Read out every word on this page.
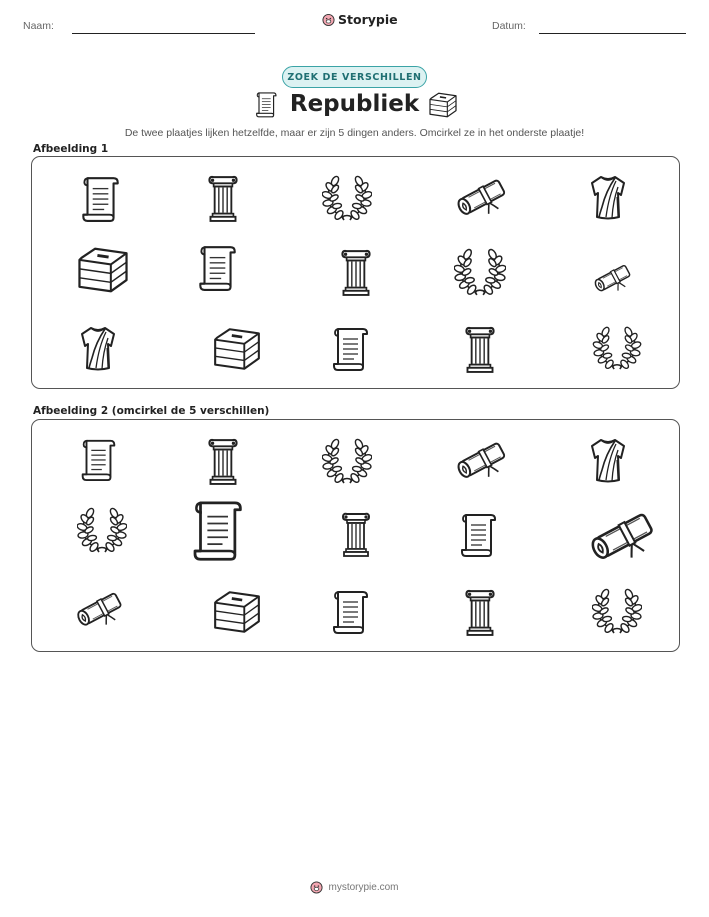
Naam:	Storypie	Datum:
ZOEK DE VERSCHILLEN
Republiek
De twee plaatjes lijken hetzelfde, maar er zijn 5 dingen anders. Omcirkel ze in het onderste plaatje!
Afbeelding 1
Afbeelding 2 (omcirkel de 5 verschillen)
mystorypie.com
